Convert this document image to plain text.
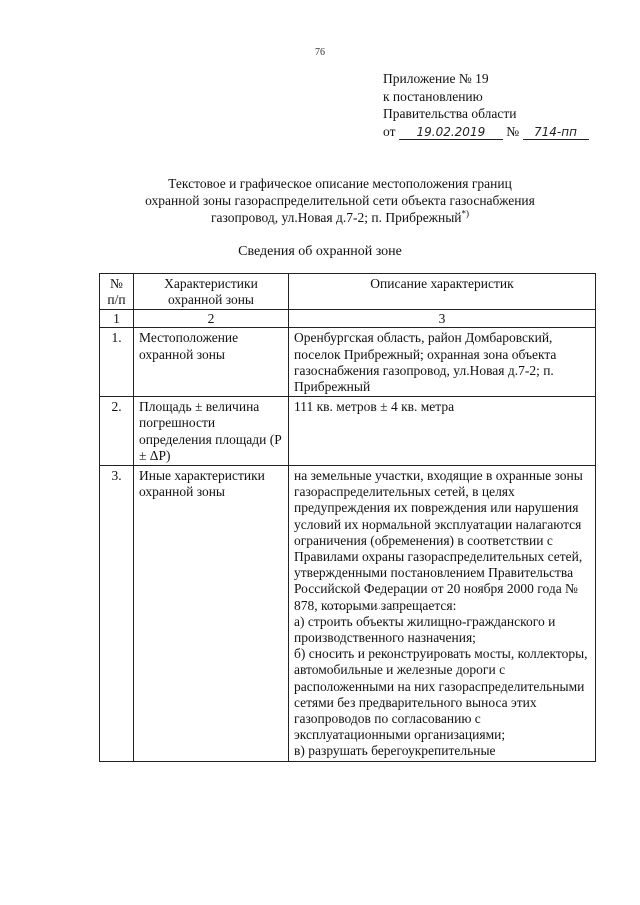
76
Приложение № 19
к постановлению
Правительства области
от 19.02.2019 № 714-пп
Текстовое и графическое описание местоположения границ
охранной зоны газораспределительной сети объекта газоснабжения
газопровод, ул.Новая д.7-2; п. Прибрежный*)
Сведения об охранной зоне
№ п/п	Характеристики охранной зоны	Описание характеристик
1	2	3
1.	Местоположение охранной зоны	Оренбургская область, район Домбаровский, поселок Прибрежный; охранная зона объекта газоснабжения газопровод, ул.Новая д.7-2; п. Прибрежный
2.	Площадь ± величина погрешности определения площади (Р ± ΔР)	111 кв. метров ± 4 кв. метра
3.	Иные характеристики охранной зоны	на земельные участки, входящие в охранные зоны газораспределительных сетей, в целях предупреждения их повреждения или нарушения условий их нормальной эксплуатации налагаются ограничения (обременения) в соответствии с Правилами охраны газораспределительных сетей, утвержденными постановлением Правительства Российской Федерации от 20 ноября 2000 года № 878, которыми запрещается:
а) строить объекты жилищно-гражданского и производственного назначения;
б) сносить и реконструировать мосты, коллекторы, автомобильные и железные дороги с расположенными на них газораспределительными сетями без предварительного выноса этих газопроводов по согласованию с эксплуатационными организациями;
в) разрушать берегоукрепительные
